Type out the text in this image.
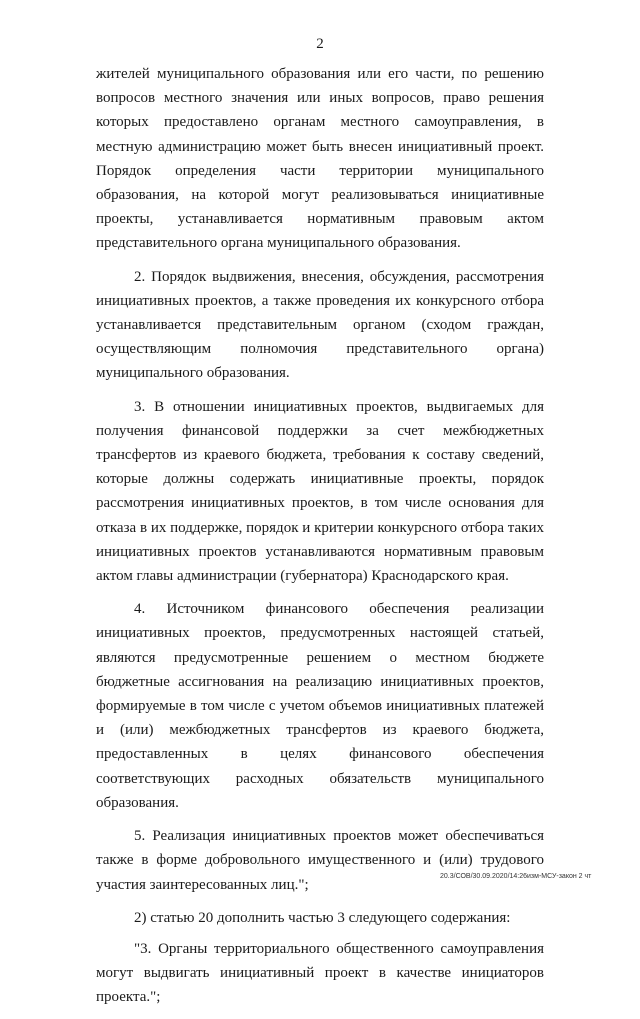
2

жителей муниципального образования или его части, по решению вопросов местного значения или иных вопросов, право решения которых предоставлено органам местного самоуправления, в местную администрацию может быть внесен инициативный проект. Порядок определения части территории муниципального образования, на которой могут реализовываться инициативные проекты, устанавливается нормативным правовым актом представительного органа муниципального образования.

2. Порядок выдвижения, внесения, обсуждения, рассмотрения инициативных проектов, а также проведения их конкурсного отбора устанавливается представительным органом (сходом граждан, осуществляющим полномочия представительного органа) муниципального образования.

3. В отношении инициативных проектов, выдвигаемых для получения финансовой поддержки за счет межбюджетных трансфертов из краевого бюджета, требования к составу сведений, которые должны содержать инициативные проекты, порядок рассмотрения инициативных проектов, в том числе основания для отказа в их поддержке, порядок и критерии конкурсного отбора таких инициативных проектов устанавливаются нормативным правовым актом главы администрации (губернатора) Краснодарского края.

4. Источником финансового обеспечения реализации инициативных проектов, предусмотренных настоящей статьей, являются предусмотренные решением о местном бюджете бюджетные ассигнования на реализацию инициативных проектов, формируемые в том числе с учетом объемов инициативных платежей и (или) межбюджетных трансфертов из краевого бюджета, предоставленных в целях финансового обеспечения соответствующих расходных обязательств муниципального образования.

5. Реализация инициативных проектов может обеспечиваться также в форме добровольного имущественного и (или) трудового участия заинтересованных лиц.";

2) статью 20 дополнить частью 3 следующего содержания:

"3. Органы территориального общественного самоуправления могут выдвигать инициативный проект в качестве инициаторов проекта.";

20.3/СОВ/30.09.2020/14:26изм-МСУ-закон 2 чт
